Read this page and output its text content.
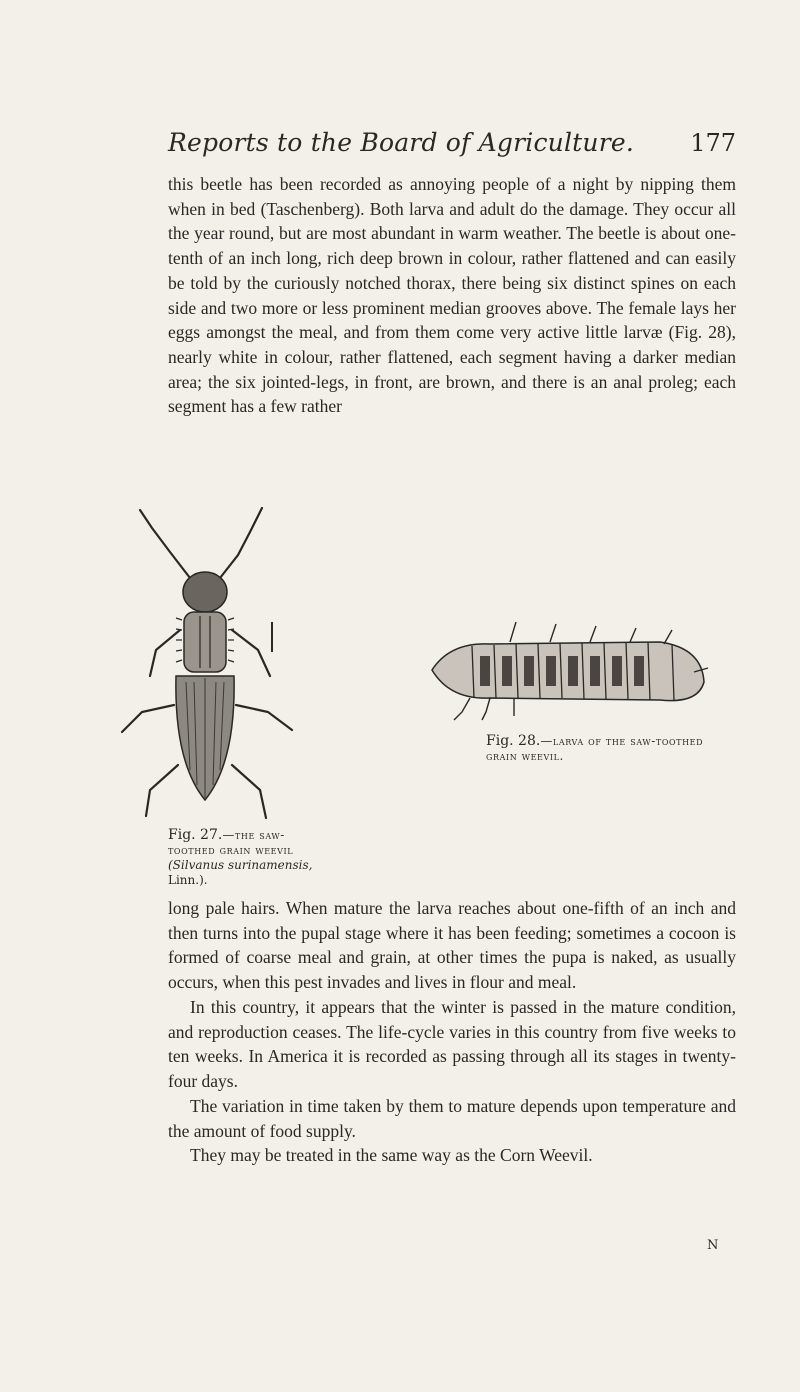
Reports to the Board of Agriculture. 177

this beetle has been recorded as annoying people of a night by nipping them when in bed (Taschenberg). Both larva and adult do the damage. They occur all the year round, but are most abundant in warm weather. The beetle is about one-tenth of an inch long, rich deep brown in colour, rather flattened and can easily be told by the curiously notched thorax, there being six distinct spines on each side and two more or less prominent median grooves above. The female lays her eggs amongst the meal, and from them come very active little larvæ (Fig. 28), nearly white in colour, rather flattened, each segment having a darker median area; the six jointed-legs, in front, are brown, and there is an anal proleg; each segment has a few rather

Fig. 27.—the saw-toothed grain weevil (Silvanus surinamensis, Linn.).
Fig. 28.—larva of the saw-toothed grain weevil.

long pale hairs. When mature the larva reaches about one-fifth of an inch and then turns into the pupal stage where it has been feeding; sometimes a cocoon is formed of coarse meal and grain, at other times the pupa is naked, as usually occurs, when this pest invades and lives in flour and meal.

In this country, it appears that the winter is passed in the mature condition, and reproduction ceases. The life-cycle varies in this country from five weeks to ten weeks. In America it is recorded as passing through all its stages in twenty-four days.

The variation in time taken by them to mature depends upon temperature and the amount of food supply.

They may be treated in the same way as the Corn Weevil.

N
